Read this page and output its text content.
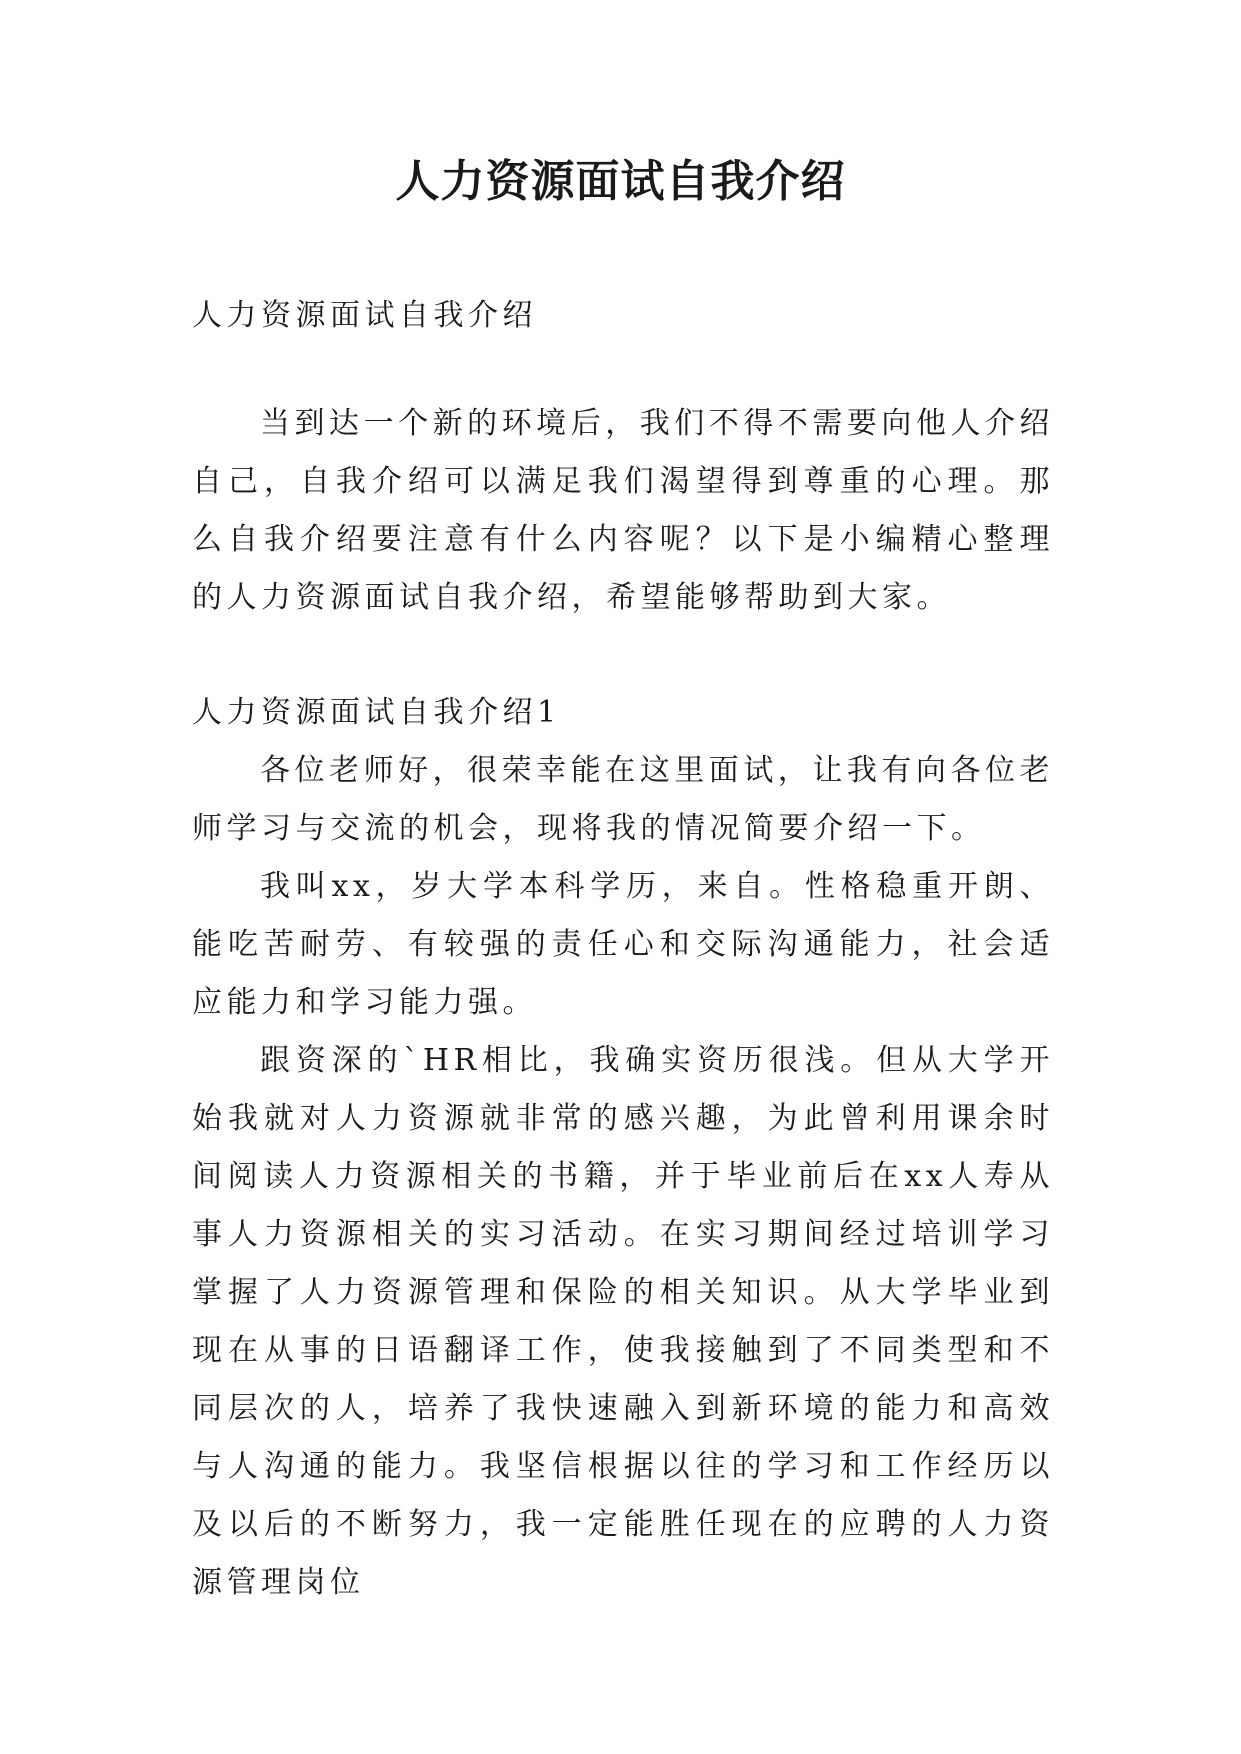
人力资源面试自我介绍

人力资源面试自我介绍

当到达一个新的环境后，我们不得不需要向他人介绍自己，自我介绍可以满足我们渴望得到尊重的心理。那么自我介绍要注意有什么内容呢？以下是小编精心整理的人力资源面试自我介绍，希望能够帮助到大家。

人力资源面试自我介绍1

各位老师好，很荣幸能在这里面试，让我有向各位老师学习与交流的机会，现将我的情况简要介绍一下。

我叫xx，岁大学本科学历，来自。性格稳重开朗、能吃苦耐劳、有较强的责任心和交际沟通能力，社会适应能力和学习能力强。

跟资深的`HR相比，我确实资历很浅。但从大学开始我就对人力资源就非常的感兴趣，为此曾利用课余时间阅读人力资源相关的书籍，并于毕业前后在xx人寿从事人力资源相关的实习活动。在实习期间经过培训学习掌握了人力资源管理和保险的相关知识。从大学毕业到现在从事的日语翻译工作，使我接触到了不同类型和不同层次的人，培养了我快速融入到新环境的能力和高效与人沟通的能力。我坚信根据以往的学习和工作经历以及以后的不断努力，我一定能胜任现在的应聘的人力资源管理岗位
